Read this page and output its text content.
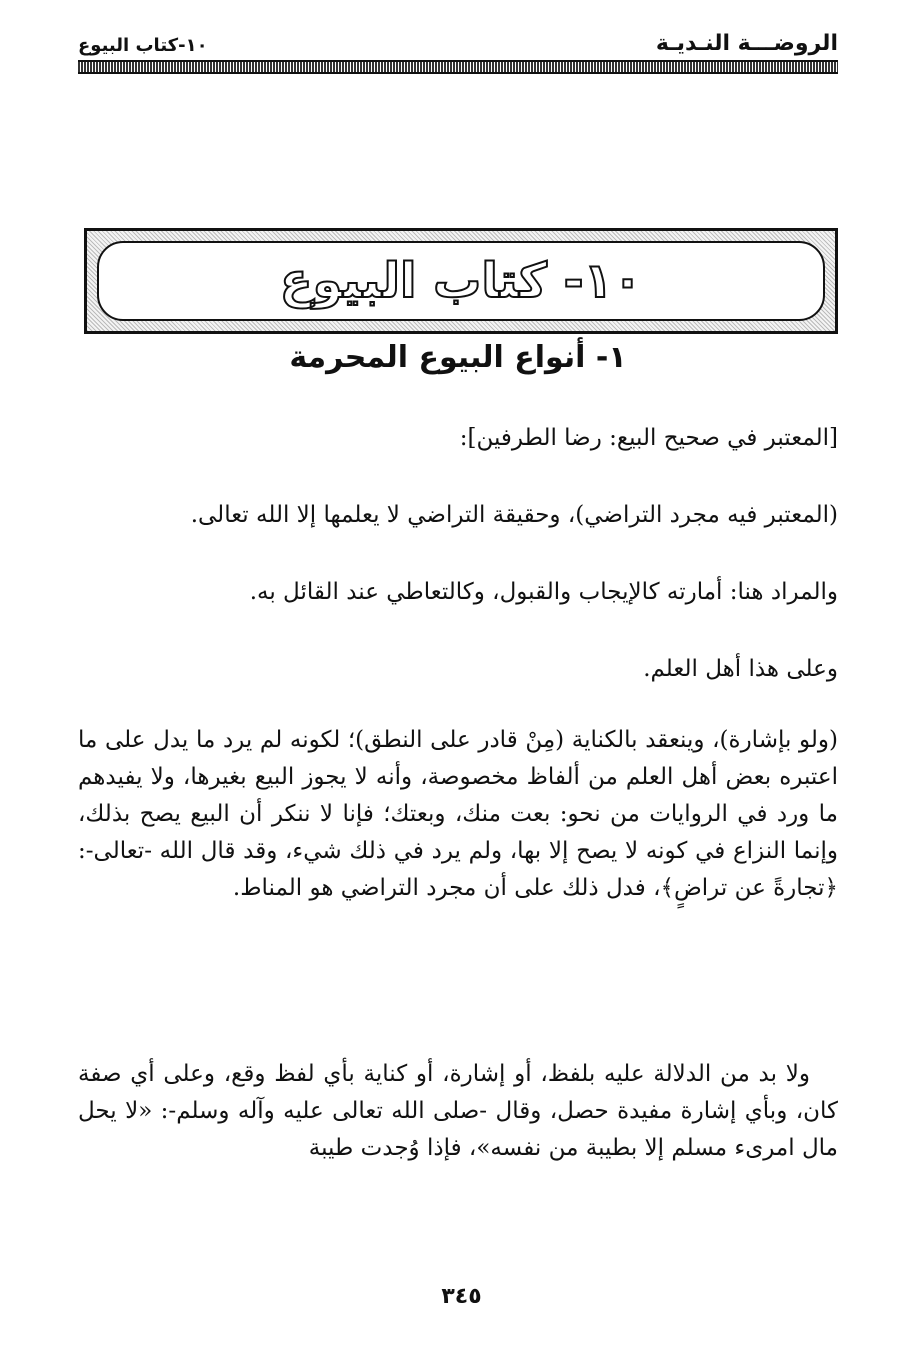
الروضـــة النـديـة
١٠-كتاب البيوع
١٠- كتاب البيوع
١- أنواع البيوع المحرمة

[المعتبر في صحيح البيع: رضا الطرفين]:

(المعتبر فيه مجرد التراضي)، وحقيقة التراضي لا يعلمها إلا الله تعالى.

والمراد هنا: أمارته كالإيجاب والقبول، وكالتعاطي عند القائل به.

وعلى هذا أهل العلم.

(ولو بإشارة)، وينعقد بالكناية (مِنْ قادر على النطق)؛ لكونه لم يرد ما يدل على ما اعتبره بعض أهل العلم من ألفاظ مخصوصة، وأنه لا يجوز البيع بغيرها، ولا يفيدهم ما ورد في الروايات من نحو: بعت منك، وبعتك؛ فإنا لا ننكر أن البيع يصح بذلك، وإنما النزاع في كونه لا يصح إلا بها، ولم يرد في ذلك شيء، وقد قال الله -تعالى-: ﴿تجارةً عن تراضٍ﴾، فدل ذلك على أن مجرد التراضي هو المناط.

ولا بد من الدلالة عليه بلفظ، أو إشارة، أو كناية بأي لفظ وقع، وعلى أي صفة كان، وبأي إشارة مفيدة حصل، وقال -صلى الله تعالى عليه وآله وسلم-: «لا يحل مال امرىء مسلم إلا بطيبة من نفسه»، فإذا وُجدت طيبة

٣٤٥
